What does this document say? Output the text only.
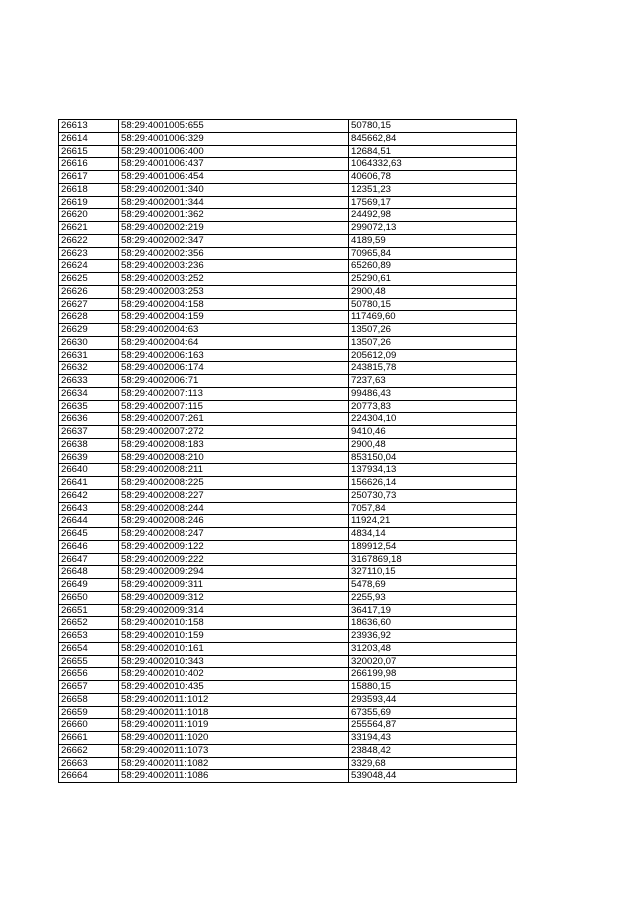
26613	58:29:4001005:655	50780,15
26614	58:29:4001006:329	845662,84
26615	58:29:4001006:400	12684,51
26616	58:29:4001006:437	1064332,63
26617	58:29:4001006:454	40606,78
26618	58:29:4002001:340	12351,23
26619	58:29:4002001:344	17569,17
26620	58:29:4002001:362	24492,98
26621	58:29:4002002:219	299072,13
26622	58:29:4002002:347	4189,59
26623	58:29:4002002:356	70965,84
26624	58:29:4002003:236	65260,89
26625	58:29:4002003:252	25290,61
26626	58:29:4002003:253	2900,48
26627	58:29:4002004:158	50780,15
26628	58:29:4002004:159	117469,60
26629	58:29:4002004:63	13507,26
26630	58:29:4002004:64	13507,26
26631	58:29:4002006:163	205612,09
26632	58:29:4002006:174	243815,78
26633	58:29:4002006:71	7237,63
26634	58:29:4002007:113	99486,43
26635	58:29:4002007:115	20773,83
26636	58:29:4002007:261	224304,10
26637	58:29:4002007:272	9410,46
26638	58:29:4002008:183	2900,48
26639	58:29:4002008:210	853150,04
26640	58:29:4002008:211	137934,13
26641	58:29:4002008:225	156626,14
26642	58:29:4002008:227	250730,73
26643	58:29:4002008:244	7057,84
26644	58:29:4002008:246	11924,21
26645	58:29:4002008:247	4834,14
26646	58:29:4002009:122	189912,54
26647	58:29:4002009:222	3167869,18
26648	58:29:4002009:294	327110,15
26649	58:29:4002009:311	5478,69
26650	58:29:4002009:312	2255,93
26651	58:29:4002009:314	36417,19
26652	58:29:4002010:158	18636,60
26653	58:29:4002010:159	23936,92
26654	58:29:4002010:161	31203,48
26655	58:29:4002010:343	320020,07
26656	58:29:4002010:402	266199,98
26657	58:29:4002010:435	15880,15
26658	58:29:4002011:1012	293593,44
26659	58:29:4002011:1018	67355,69
26660	58:29:4002011:1019	255564,87
26661	58:29:4002011:1020	33194,43
26662	58:29:4002011:1073	23848,42
26663	58:29:4002011:1082	3329,68
26664	58:29:4002011:1086	539048,44
